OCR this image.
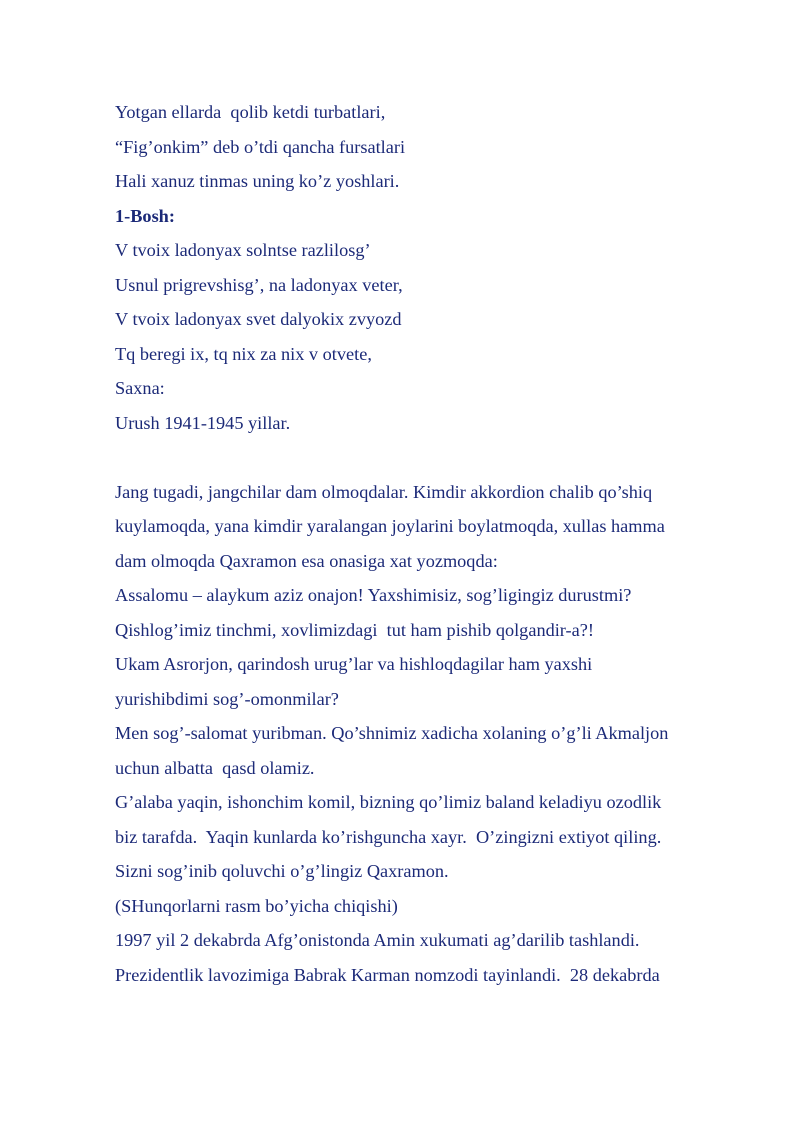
Yotgan ellarda  qolib ketdi turbatlari,
“Fig’onkim” deb o’tdi qancha fursatlari
Hali xanuz tinmas uning ko’z yoshlari.
1-Bosh:
V tvoix ladonyax solntse razlilosg’
Usnul prigrevshisg’, na ladonyax veter,
V tvoix ladonyax svet dalyokix zvyozd
Tq beregi ix, tq nix za nix v otvete,
Saxna:
Urush 1941-1945 yillar.
Jang tugadi, jangchilar dam olmoqdalar. Kimdir akkordion chalib qo’shiq
kuylamoqda, yana kimdir yaralangan joylarini boylatmoqda, xullas hamma
dam olmoqda Qaxramon esa onasiga xat yozmoqda:
Assalomu – alaykum aziz onajon! Yaxshimisiz, sog’ligingiz durustmi?
Qishlog’imiz tinchmi, xovlimizdagi  tut ham pishib qolgandir-a?!
Ukam Asrorjon, qarindosh urug’lar va hishloqdagilar ham yaxshi
yurishibdimi sog’-omonmilar?
Men sog’-salomat yuribman. Qo’shnimiz xadicha xolaning o’g’li Akmaljon
uchun albatta  qasd olamiz.
G’alaba yaqin, ishonchim komil, bizning qo’limiz baland keladiyu ozodlik
biz tarafda.  Yaqin kunlarda ko’rishguncha xayr.  O’zingizni extiyot qiling.
Sizni sog’inib qoluvchi o’g’lingiz Qaxramon.
(SHunqorlarni rasm bo’yicha chiqishi)
1997 yil 2 dekabrda Afg’onistonda Amin xukumati ag’darilib tashlandi.
Prezidentlik lavozimiga Babrak Karman nomzodi tayinlandi.  28 dekabrda
